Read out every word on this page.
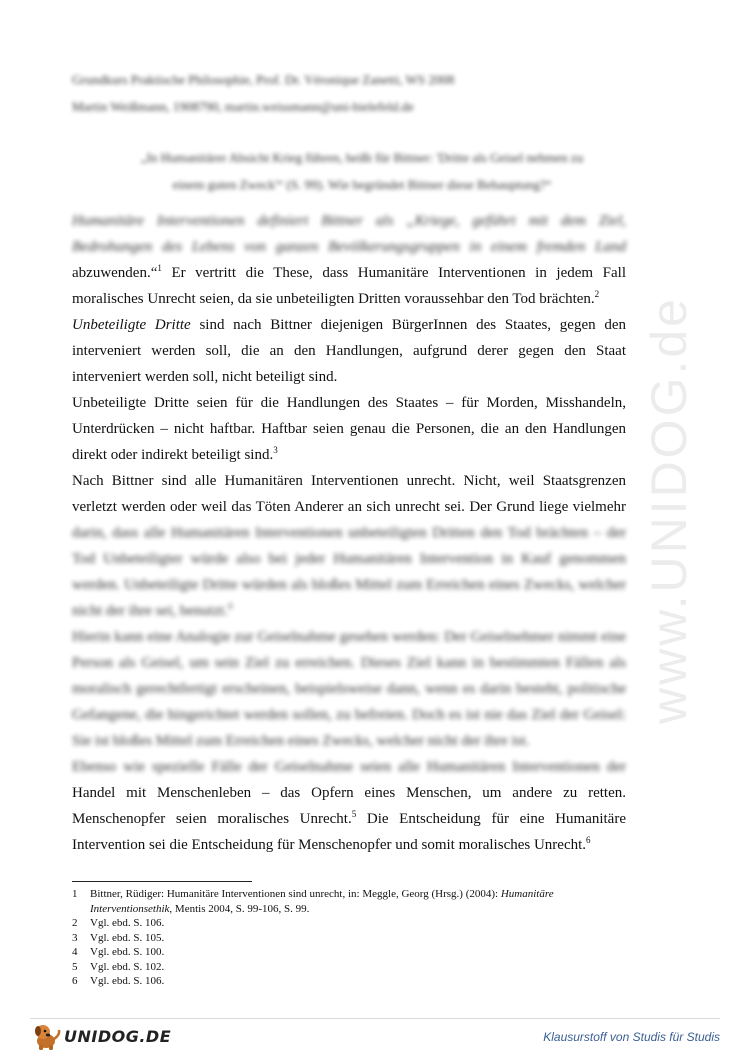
www.UNIDOG.de
Grundkurs Praktische Philosophie, Prof. Dr. Véronique Zanetti, WS 2008
Martin Weißmann, 1908790, martin.weissmann@uni-bielefeld.de
„In Humanitärer Absicht Krieg führen, heißt für Bittner: 'Dritte als Geisel nehmen zu
einem guten Zweck'“ (S. 99). Wie begründet Bittner diese Behauptung?“

Humanitäre Interventionen definiert Bittner als „Kriege, geführt mit dem Ziel, Bedrohungen des Lebens von ganzen Bevölkerungsgruppen in einem fremden Land abzuwenden.“$^1$ Er vertritt die These, dass Humanitäre Interventionen in jedem Fall moralisches Unrecht seien, da sie unbeteiligten Dritten voraussehbar den Tod brächten.$^2$

Unbeteiligte Dritte sind nach Bittner diejenigen BürgerInnen des Staates, gegen den interveniert werden soll, die an den Handlungen, aufgrund derer gegen den Staat interveniert werden soll, nicht beteiligt sind.

Unbeteiligte Dritte seien für die Handlungen des Staates – für Morden, Misshandeln, Unterdrücken – nicht haftbar. Haftbar seien genau die Personen, die an den Handlungen direkt oder indirekt beteiligt sind.$^3$

Nach Bittner sind alle Humanitären Interventionen unrecht. Nicht, weil Staatsgrenzen verletzt werden oder weil das Töten Anderer an sich unrecht sei. Der Grund liege vielmehr darin, dass alle Humanitären Interventionen unbeteiligten Dritten den Tod brächten – der Tod Unbeteiligter würde also bei jeder Humanitären Intervention in Kauf genommen werden. Unbeteiligte Dritte würden als bloßes Mittel zum Erreichen eines Zwecks, welcher nicht der ihre sei, benutzt.$^4$

Hierin kann eine Analogie zur Geiselnahme gesehen werden: Der Geiselnehmer nimmt eine Person als Geisel, um sein Ziel zu erreichen. Dieses Ziel kann in bestimmten Fällen als moralisch gerechtfertigt erscheinen, beispielsweise dann, wenn es darin besteht, politische Gefangene, die hingerichtet werden sollen, zu befreien. Doch es ist nie das Ziel der Geisel: Sie ist bloßes Mittel zum Erreichen eines Zwecks, welcher nicht der ihre ist.

Ebenso wie spezielle Fälle der Geiselnahme seien alle Humanitären Interventionen der Handel mit Menschenleben – das Opfern eines Menschen, um andere zu retten. Menschenopfer seien moralisches Unrecht.$^5$ Die Entscheidung für eine Humanitäre Intervention sei die Entscheidung für Menschenopfer und somit moralisches Unrecht.$^6$

1	Bittner, Rüdiger: Humanitäre Interventionen sind unrecht, in: Meggle, Georg (Hrsg.) (2004): Humanitäre Interventionsethik, Mentis 2004, S. 99-106, S. 99.
2	Vgl. ebd. S. 106.
3	Vgl. ebd. S. 105.
4	Vgl. ebd. S. 100.
5	Vgl. ebd. S. 102.
6	Vgl. ebd. S. 106.
UNIDOG.DE	Klausurstoff von Studis für Studis
